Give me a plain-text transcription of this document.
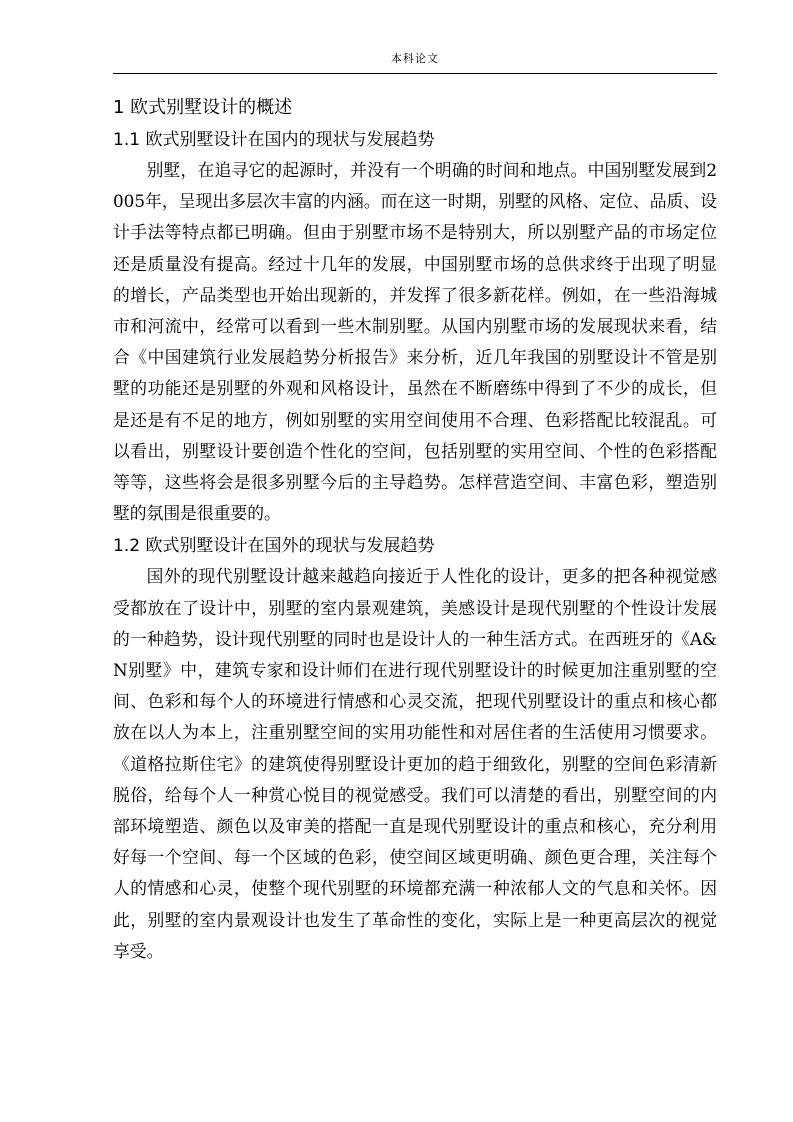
本科论文
1 欧式别墅设计的概述
1.1 欧式别墅设计在国内的现状与发展趋势

别墅，在追寻它的起源时，并没有一个明确的时间和地点。中国别墅发展到2005年，呈现出多层次丰富的内涵。而在这一时期，别墅的风格、定位、品质、设计手法等特点都已明确。但由于别墅市场不是特别大，所以别墅产品的市场定位还是质量没有提高。经过十几年的发展，中国别墅市场的总供求终于出现了明显的增长，产品类型也开始出现新的，并发挥了很多新花样。例如，在一些沿海城市和河流中，经常可以看到一些木制别墅。从国内别墅市场的发展现状来看，结合《中国建筑行业发展趋势分析报告》来分析，近几年我国的别墅设计不管是别墅的功能还是别墅的外观和风格设计，虽然在不断磨练中得到了不少的成长，但是还是有不足的地方，例如别墅的实用空间使用不合理、色彩搭配比较混乱。可以看出，别墅设计要创造个性化的空间，包括别墅的实用空间、个性的色彩搭配等等，这些将会是很多别墅今后的主导趋势。怎样营造空间、丰富色彩，塑造别墅的氛围是很重要的。

1.2 欧式别墅设计在国外的现状与发展趋势

国外的现代别墅设计越来越趋向接近于人性化的设计，更多的把各种视觉感受都放在了设计中，别墅的室内景观建筑，美感设计是现代别墅的个性设计发展的一种趋势，设计现代别墅的同时也是设计人的一种生活方式。在西班牙的《A&N别墅》中，建筑专家和设计师们在进行现代别墅设计的时候更加注重别墅的空间、色彩和每个人的环境进行情感和心灵交流，把现代别墅设计的重点和核心都放在以人为本上，注重别墅空间的实用功能性和对居住者的生活使用习惯要求。《道格拉斯住宅》的建筑使得别墅设计更加的趋于细致化，别墅的空间色彩清新脱俗，给每个人一种赏心悦目的视觉感受。我们可以清楚的看出，别墅空间的内部环境塑造、颜色以及审美的搭配一直是现代别墅设计的重点和核心，充分利用好每一个空间、每一个区域的色彩，使空间区域更明确、颜色更合理，关注每个人的情感和心灵，使整个现代别墅的环境都充满一种浓郁人文的气息和关怀。因此，别墅的室内景观设计也发生了革命性的变化，实际上是一种更高层次的视觉享受。
